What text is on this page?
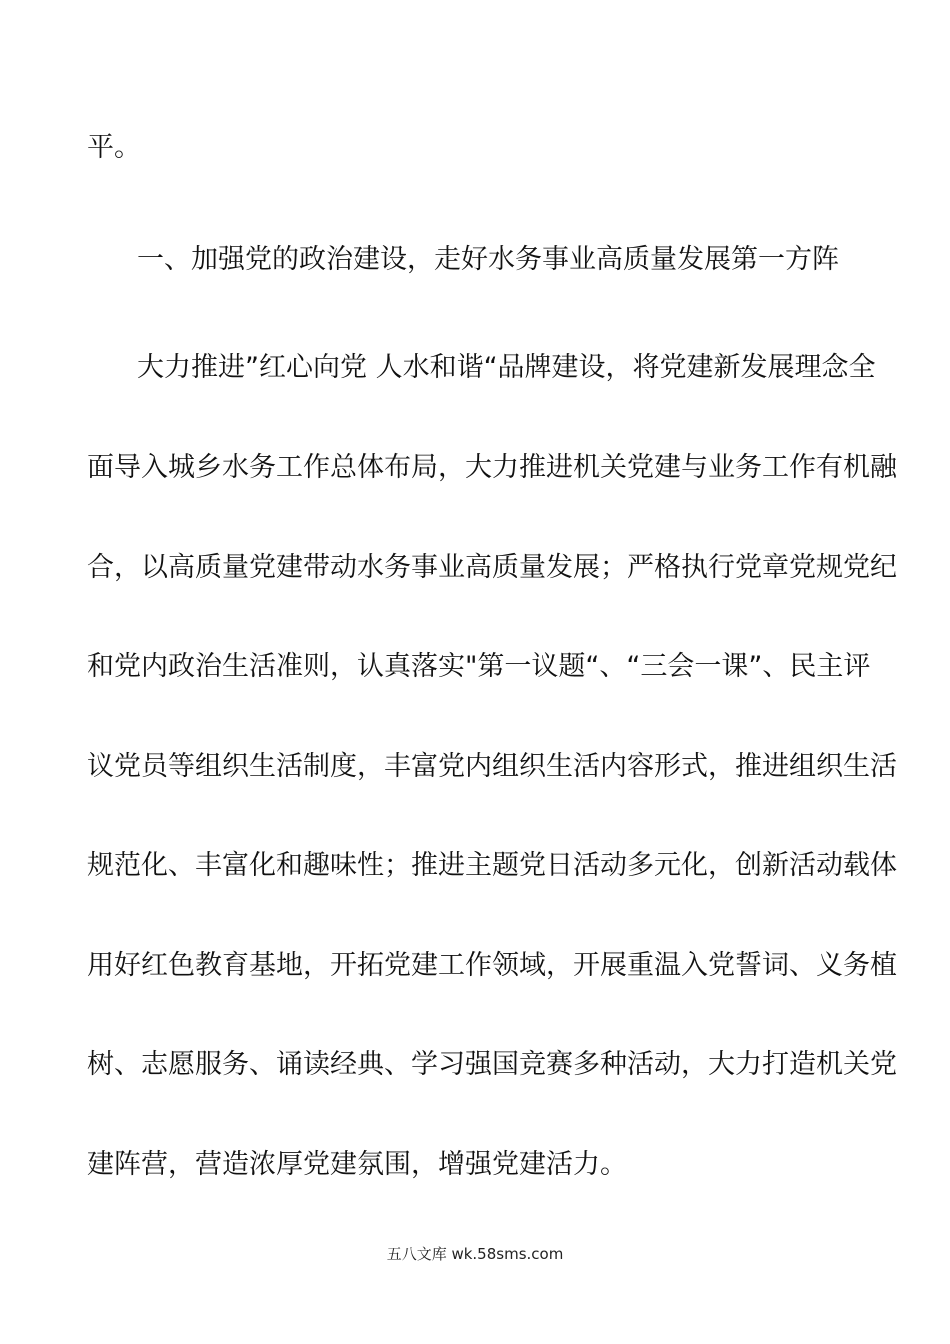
平。
一、加强党的政治建设，走好水务事业高质量发展第一方阵
大力推进”红心向党 人水和谐“品牌建设，将党建新发展理念全
面导入城乡水务工作总体布局，大力推进机关党建与业务工作有机融
合，以高质量党建带动水务事业高质量发展；严格执行党章党规党纪
和党内政治生活准则，认真落实"第一议题“、“三会一课”、民主评
议党员等组织生活制度，丰富党内组织生活内容形式，推进组织生活
规范化、丰富化和趣味性；推进主题党日活动多元化，创新活动载体
用好红色教育基地，开拓党建工作领域，开展重温入党誓词、义务植
树、志愿服务、诵读经典、学习强国竞赛多种活动，大力打造机关党
建阵营，营造浓厚党建氛围，增强党建活力。
五八文库 wk.58sms.com
